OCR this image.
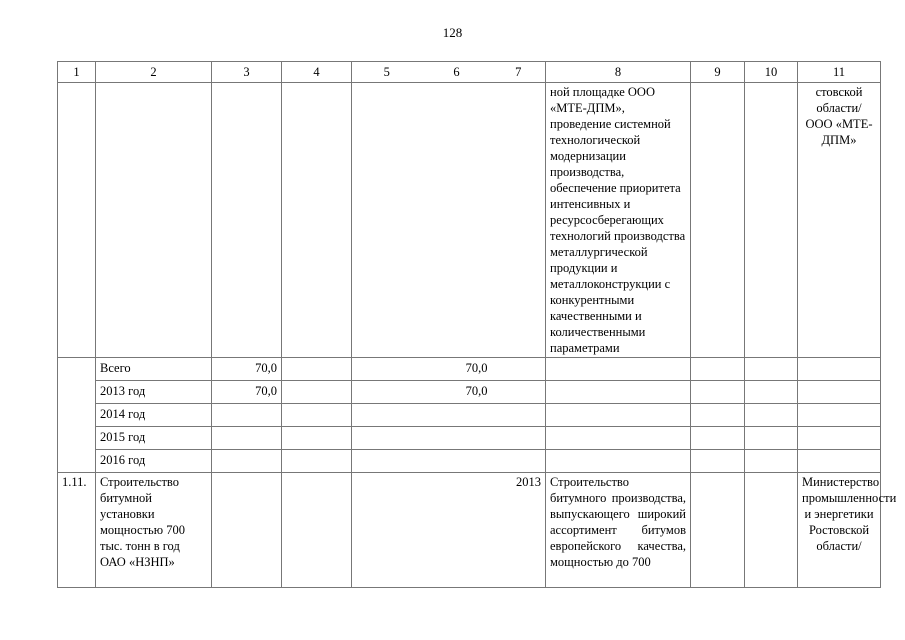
128
1	2	3	4	5	6	7	8	9	10	11
							ной площадке ООО «МТЕ-ДПМ», проведение системной технологической модернизации производства, обеспечение приоритета интенсивных и ресурсосберегающих технологий производства металлургической продукции и металлоконструкции с конкурентными качественными и количественными параметрами			стовской области/ ООО «МТЕ-ДПМ»
	Всего	70,0			70,0					
	2013 год	70,0			70,0					
	2014 год									
	2015 год									
	2016 год									
1.11.	Строительство битумной установки мощностью 700 тыс. тонн в год ОАО «НЗНП»					2013	Строительство битумного производства, выпускающего широкий ассортимент битумов европейского качества, мощностью до 700			Министерство промышленности и энергетики Ростовской области/
